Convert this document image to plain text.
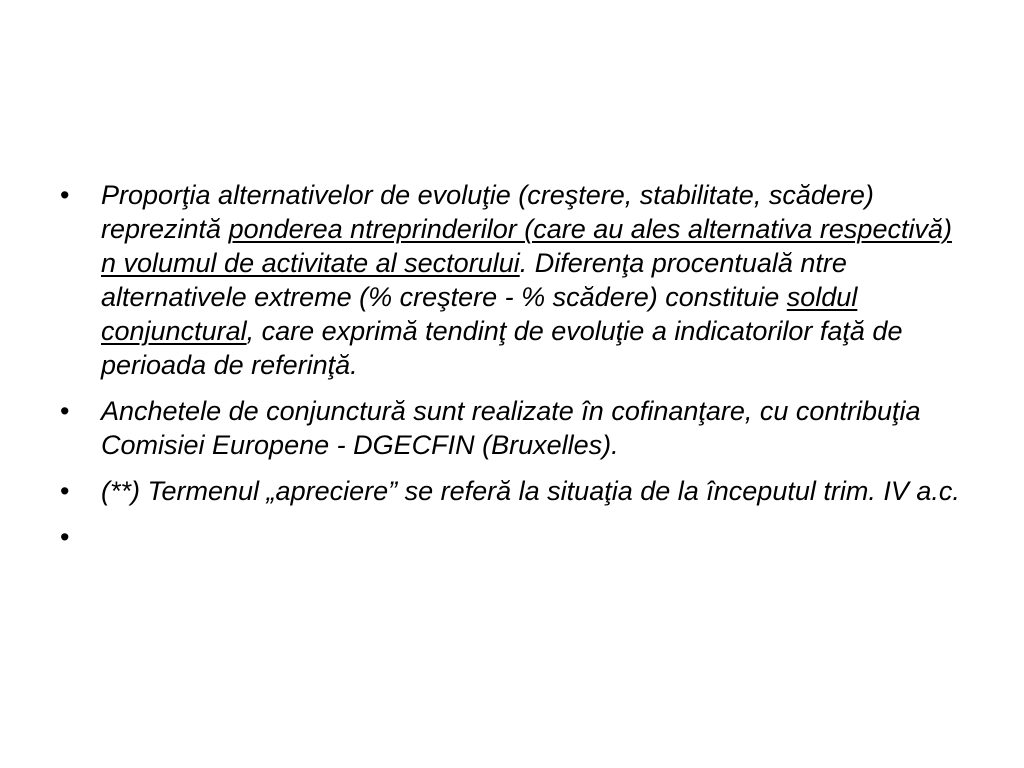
•	Proporţia alternativelor de evoluţie (creştere, stabilitate, scădere) reprezintă ponderea ntreprinderilor (care au ales alternativa respectivă) n volumul de activitate al sectorului. Diferenţa procentuală ntre alternativele extreme (% creştere - % scădere) constituie soldul conjunctural, care exprimă tendinţ de evoluţie a indicatorilor faţă de perioada de referinţă.
•	Anchetele de conjunctură sunt realizate în cofinanţare, cu contribuţia Comisiei Europene - DGECFIN (Bruxelles).
•	(**) Termenul „apreciere” se referă la situaţia de la începutul trim. IV a.c.
•
